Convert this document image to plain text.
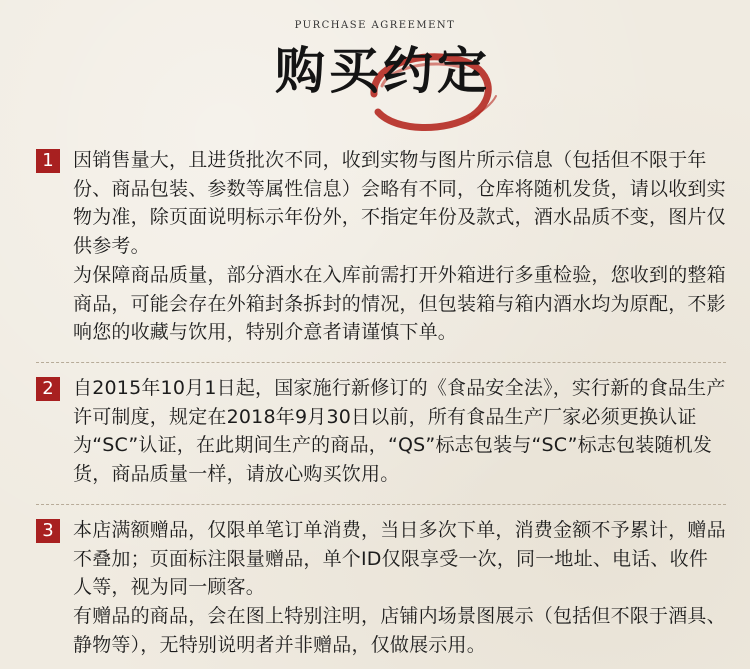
PURCHASE AGREEMENT
购买约定
1	因销售量大，且进货批次不同，收到实物与图片所示信息（包括但不限于年份、商品包装、参数等属性信息）会略有不同，仓库将随机发货，请以收到实物为准，除页面说明标示年份外，不指定年份及款式，酒水品质不变，图片仅供参考。

为保障商品质量，部分酒水在入库前需打开外箱进行多重检验，您收到的整箱商品，可能会存在外箱封条拆封的情况，但包装箱与箱内酒水均为原配，不影响您的收藏与饮用，特别介意者请谨慎下单。

2	自2015年10月1日起，国家施行新修订的《食品安全法》，实行新的食品生产许可制度，规定在2018年9月30日以前，所有食品生产厂家必须更换认证为“SC”认证，在此期间生产的商品，“QS”标志包装与“SC”标志包装随机发货，商品质量一样，请放心购买饮用。

3	本店满额赠品，仅限单笔订单消费，当日多次下单，消费金额不予累计，赠品不叠加；页面标注限量赠品，单个ID仅限享受一次，同一地址、电话、收件人等，视为同一顾客。

有赠品的商品，会在图上特别注明，店铺内场景图展示（包括但不限于酒具、静物等），无特别说明者并非赠品，仅做展示用。
